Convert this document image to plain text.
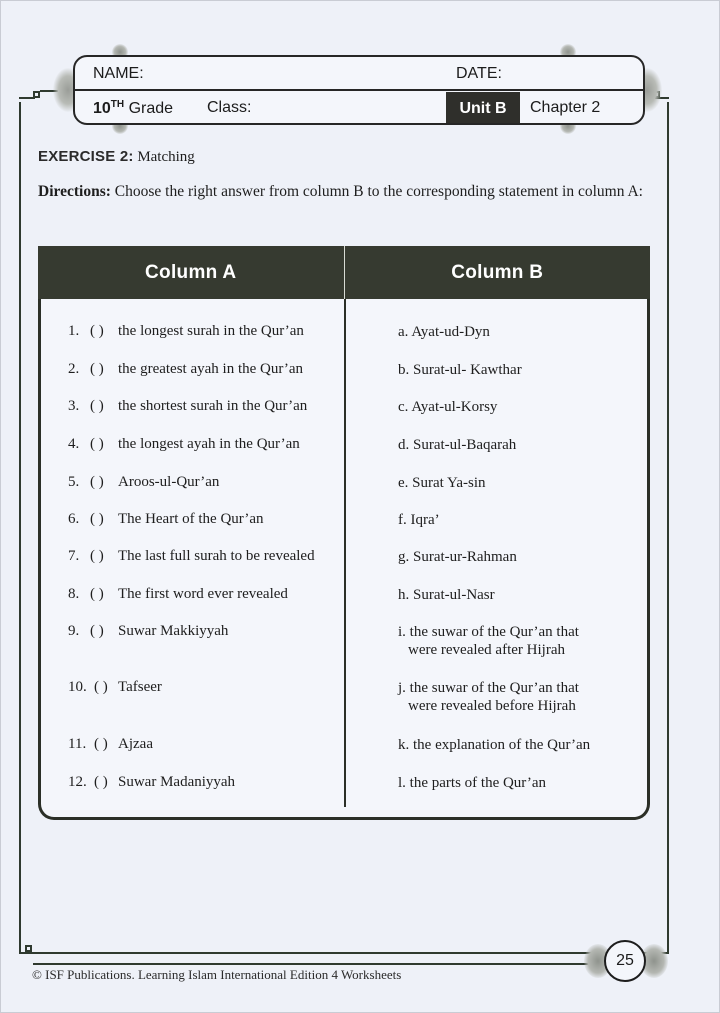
NAME:	DATE:
10TH Grade Class:	Unit B	Chapter 2
EXERCISE 2: Matching
Directions: Choose the right answer from column B to the corresponding statement in column A:
Column A	Column B
1. ( ) the longest surah in the Qur’an	a. Ayat-ud-Dyn
2. ( ) the greatest ayah in the Qur’an	b. Surat-ul- Kawthar
3. ( ) the shortest surah in the Qur’an	c. Ayat-ul-Korsy
4. ( ) the longest ayah in the Qur’an	d. Surat-ul-Baqarah
5. ( ) Aroos-ul-Qur’an	e. Surat Ya-sin
6. ( ) The Heart of the Qur’an	f. Iqra’
7. ( ) The last full surah to be revealed	g. Surat-ur-Rahman
8. ( ) The first word ever revealed	h. Surat-ul-Nasr
9. ( ) Suwar Makkiyyah	i. the suwar of the Qur’an that
were revealed after Hijrah
10. ( ) Tafseer	j. the suwar of the Qur’an that
were revealed before Hijrah
11. ( ) Ajzaa	k. the explanation of the Qur’an
12. ( ) Suwar Madaniyyah	l. the parts of the Qur’an
25
© ISF Publications. Learning Islam International Edition 4 Worksheets
